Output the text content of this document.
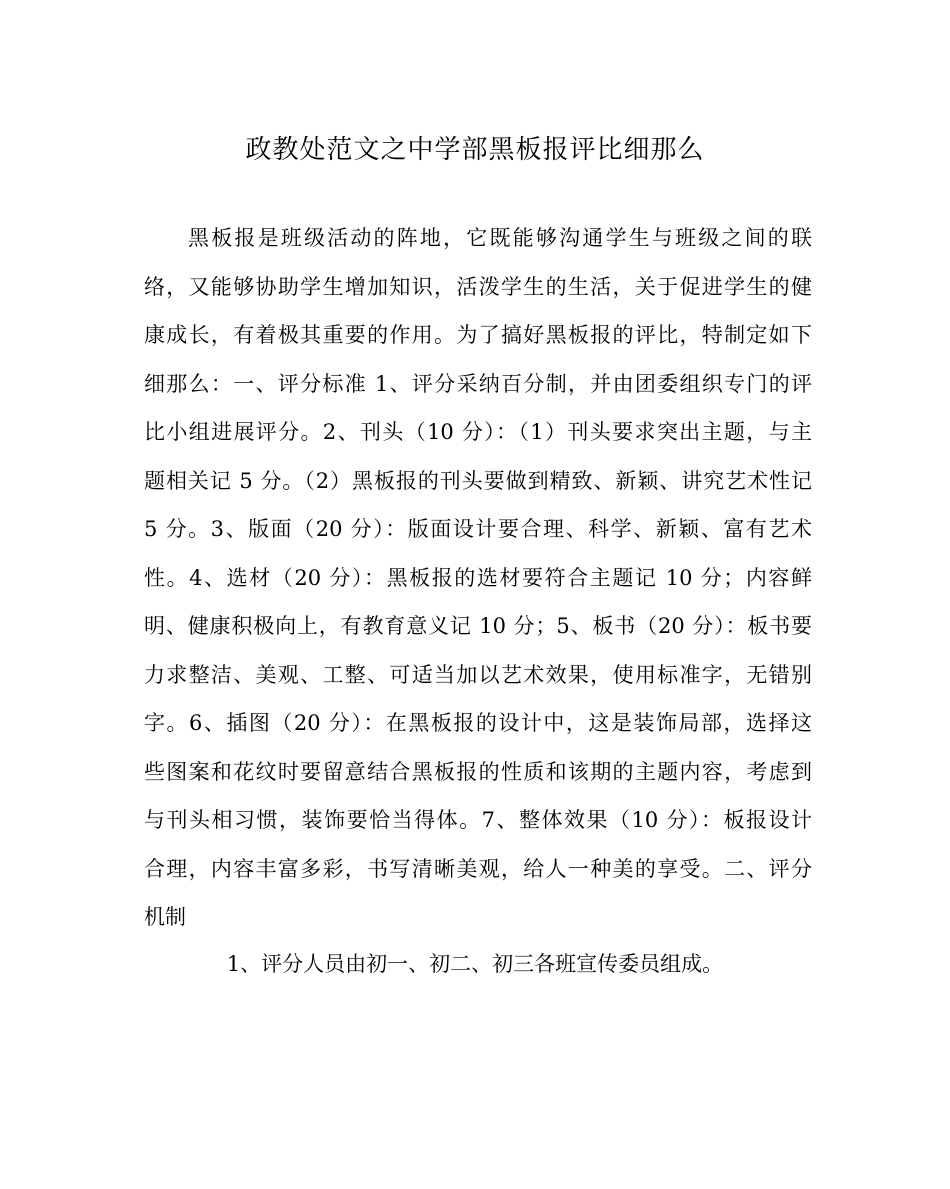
政教处范文之中学部黑板报评比细那么
黑板报是班级活动的阵地，它既能够沟通学生与班级之间的联
络，又能够协助学生增加知识，活泼学生的生活，关于促进学生的健
康成长，有着极其重要的作用。为了搞好黑板报的评比，特制定如下
细那么：一、评分标准 1、评分采纳百分制，并由团委组织专门的评
比小组进展评分。2、刊头（10 分）：（1）刊头要求突出主题，与主
题相关记 5 分。（2）黑板报的刊头要做到精致、新颖、讲究艺术性记
5 分。3、版面（20 分）：版面设计要合理、科学、新颖、富有艺术
性。4、选材（20 分）：黑板报的选材要符合主题记 10 分；内容鲜
明、健康积极向上，有教育意义记 10 分；5、板书（20 分）：板书要
力求整洁、美观、工整、可适当加以艺术效果，使用标准字，无错别
字。6、插图（20 分）：在黑板报的设计中，这是装饰局部，选择这
些图案和花纹时要留意结合黑板报的性质和该期的主题内容，考虑到
与刊头相习惯，装饰要恰当得体。7、整体效果（10 分）：板报设计
合理，内容丰富多彩，书写清晰美观，给人一种美的享受。二、评分
机制
1、评分人员由初一、初二、初三各班宣传委员组成。
